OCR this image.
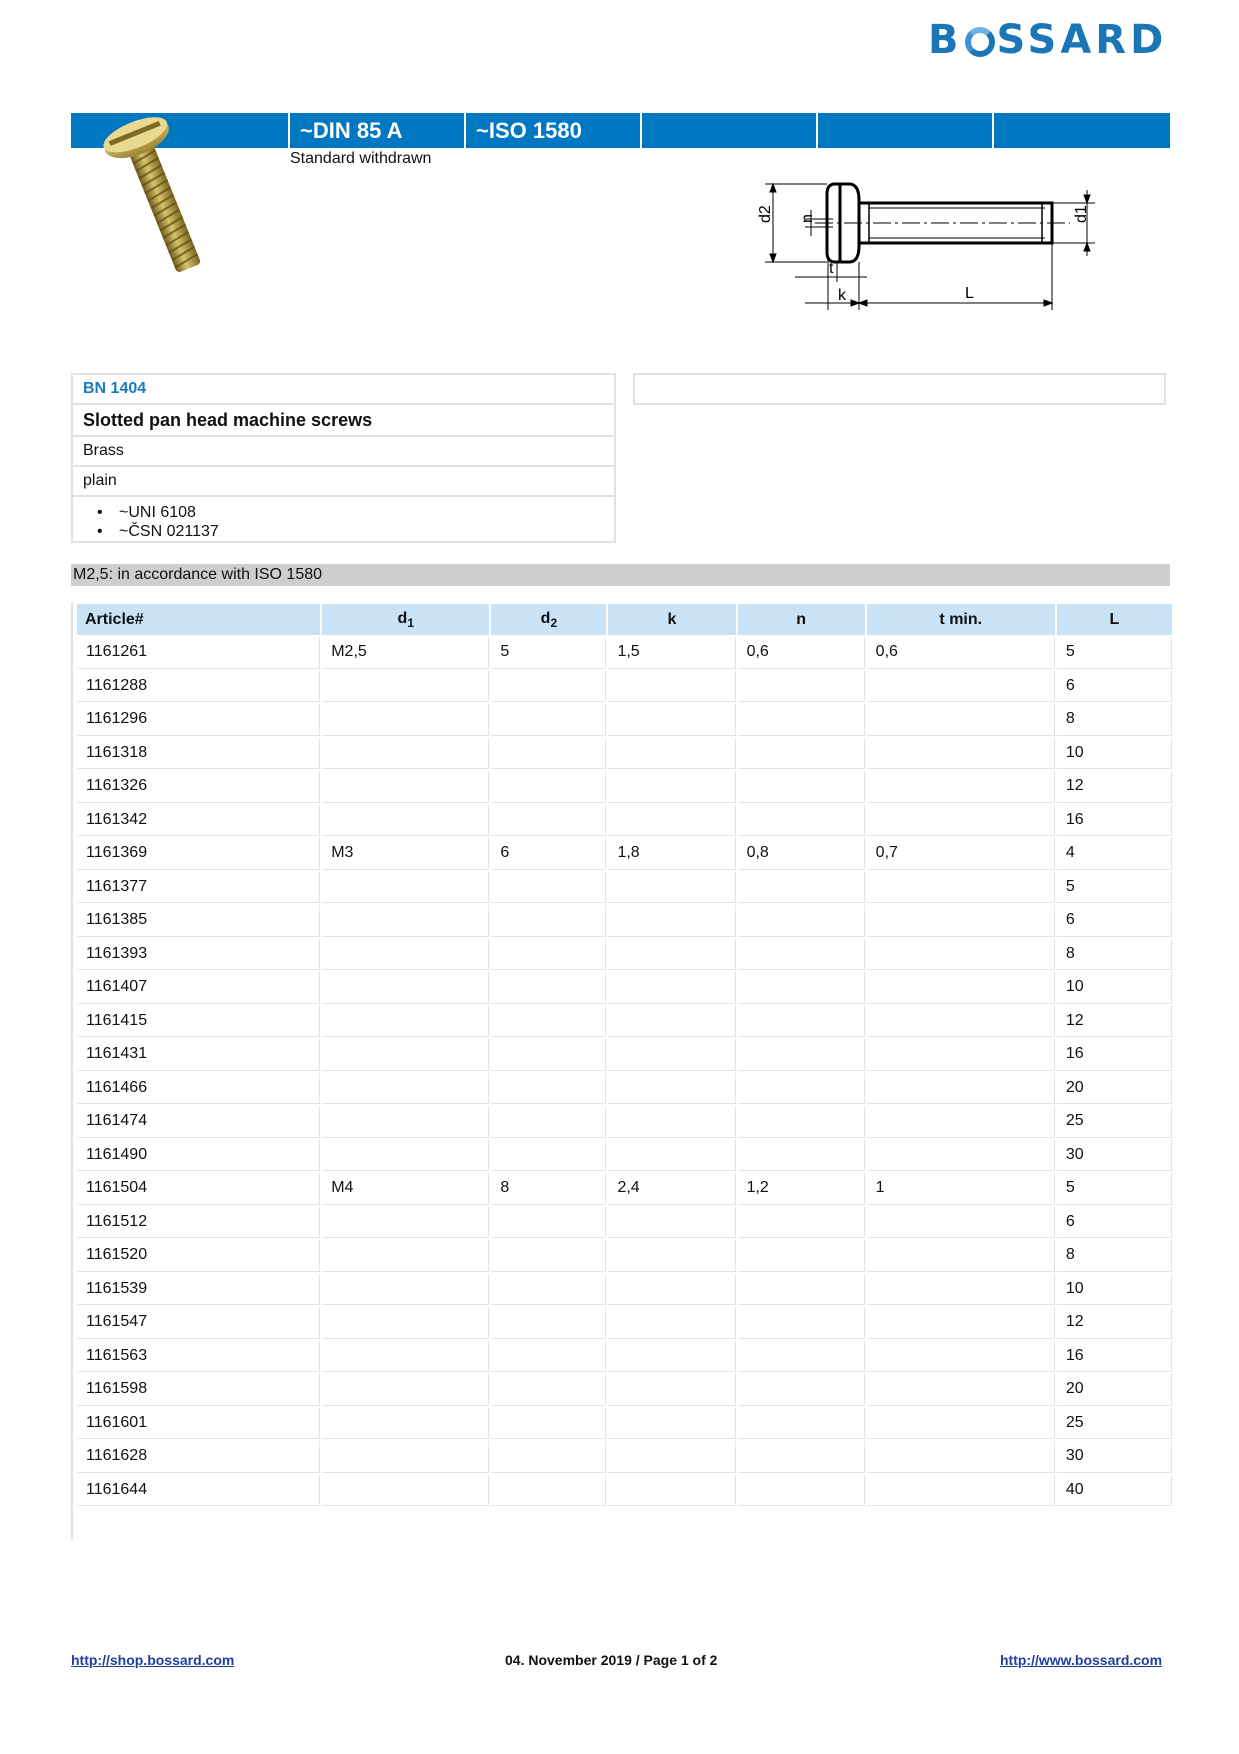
B SSARD
~DIN 85 A	~ISO 1580
Standard withdrawn
d2 n	d1
t
k	L
BN 1404
Slotted pan head machine screws
Brass
plain
• ~UNI 6108
• ~ČSN 021137
M2,5: in accordance with ISO 1580
Article#	$d_1$	$d_2$	k	n	t min.	L
1161261	M2,5	5	1,5	0,6	0,6	5
1161288						6
1161296						8
1161318						10
1161326						12
1161342						16
1161369	M3	6	1,8	0,8	0,7	4
1161377						5
1161385						6
1161393						8
1161407						10
1161415						12
1161431						16
1161466						20
1161474						25
1161490						30
1161504	M4	8	2,4	1,2	1	5
1161512						6
1161520						8
1161539						10
1161547						12
1161563						16
1161598						20
1161601						25
1161628						30
1161644						40
http://shop.bossard.com	04. November 2019 / Page 1 of 2	http://www.bossard.com
